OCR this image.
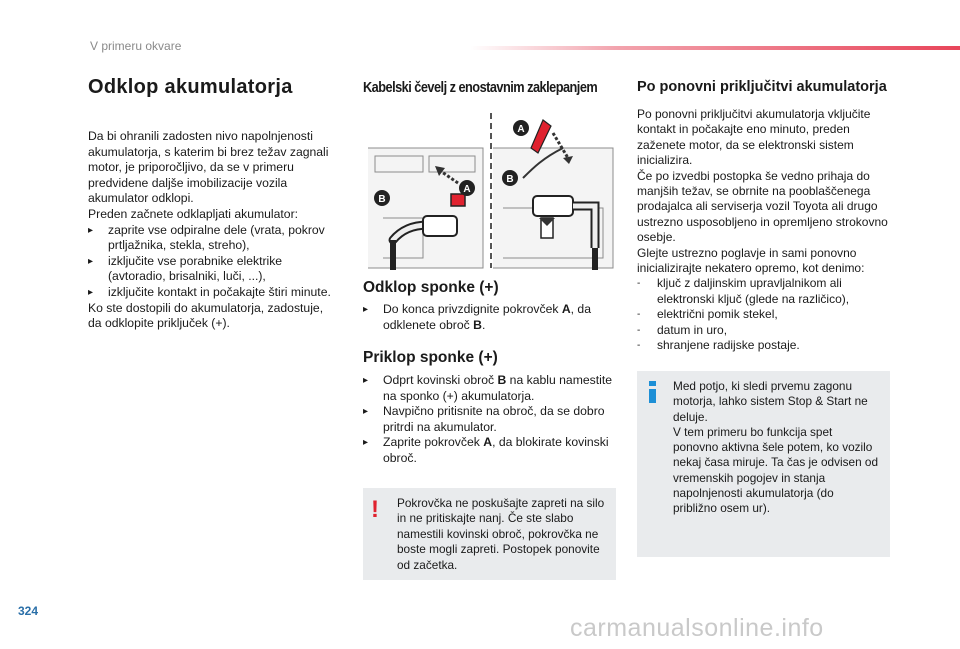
V primeru okvare
Odklop akumulatorja
Da bi ohranili zadosten nivo napolnjenosti akumulatorja, s katerim bi brez težav zagnali motor, je priporočljivo, da se v primeru predvidene daljše imobilizacije vozila akumulator odklopi.
Preden začnete odklapljati akumulator:
▸	zaprite vse odpiralne dele (vrata, pokrov prtljažnika, stekla, streho),
▸	izklјučite vse porabnike elektrike (avtoradio, brisalniki, luči, ...),
▸	izklјučite kontakt in počakajte štiri minute.
Ko ste dostopili do akumulatorja, zadostuje, da odklopite priključek (+).
Kabelski čevelj z enostavnim zaklepanjem
A
B
A
B
Odklop sponke (+)
▸	Do konca privzdignite pokrovček A, da odklenete obroč B.
Priklop sponke (+)
▸	Odprt kovinski obroč B na kablu namestite na sponko (+) akumulatorja.
▸	Navpično pritisnite na obroč, da se dobro pritrdi na akumulator.
▸	Zaprite pokrovček A, da blokirate kovinski obroč.
! Pokrovčka ne poskušajte zapreti na silo in ne pritiskajte nanj. Če ste slabo namestili kovinski obroč, pokrovčka ne boste mogli zapreti. Postopek ponovite od začetka.
Po ponovni priključitvi akumulatorja
Po ponovni priključitvi akumulatorja vključite kontakt in počakajte eno minuto, preden zaženete motor, da se elektronski sistem inicializira.
Če po izvedbi postopka še vedno prihaja do manjših težav, se obrnite na pooblaščenega prodajalca ali serviserja vozil Toyota ali drugo ustrezno usposobljeno in opremljeno strokovno osebje.
Glejte ustrezno poglavje in sami ponovno inicializirajte nekatero opremo, kot denimo:
-	ključ z daljinskim upravljalnikom ali elektronski ključ (glede na različico),
-	električni pomik stekel,
-	datum in uro,
-	shranjene radijske postaje.
Med potjo, ki sledi prvemu zagonu motorja, lahko sistem Stop & Start ne deluje.
V tem primeru bo funkcija spet ponovno aktivna šele potem, ko vozilo nekaj časa miruje. Ta čas je odvisen od vremenskih pogojev in stanja napolnjenosti akumulatorja (do približno osem ur).
324
carmanualsonline.info
